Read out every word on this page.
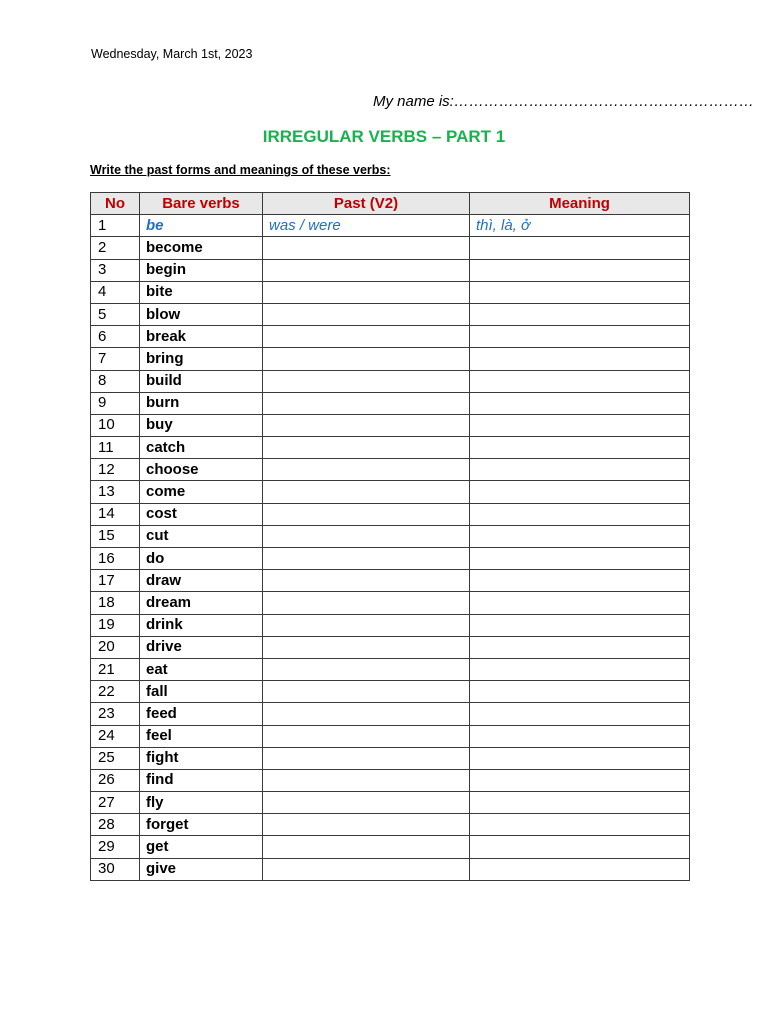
Wednesday, March 1st, 2023
My name is:……………………………………………………
IRREGULAR VERBS – PART 1
Write the past forms and meanings of these verbs:
No	Bare verbs	Past (V2)	Meaning
1	be	was / were	thì, là, ở
2	become		
3	begin		
4	bite		
5	blow		
6	break		
7	bring		
8	build		
9	burn		
10	buy		
11	catch		
12	choose		
13	come		
14	cost		
15	cut		
16	do		
17	draw		
18	dream		
19	drink		
20	drive		
21	eat		
22	fall		
23	feed		
24	feel		
25	fight		
26	find		
27	fly		
28	forget		
29	get		
30	give		
